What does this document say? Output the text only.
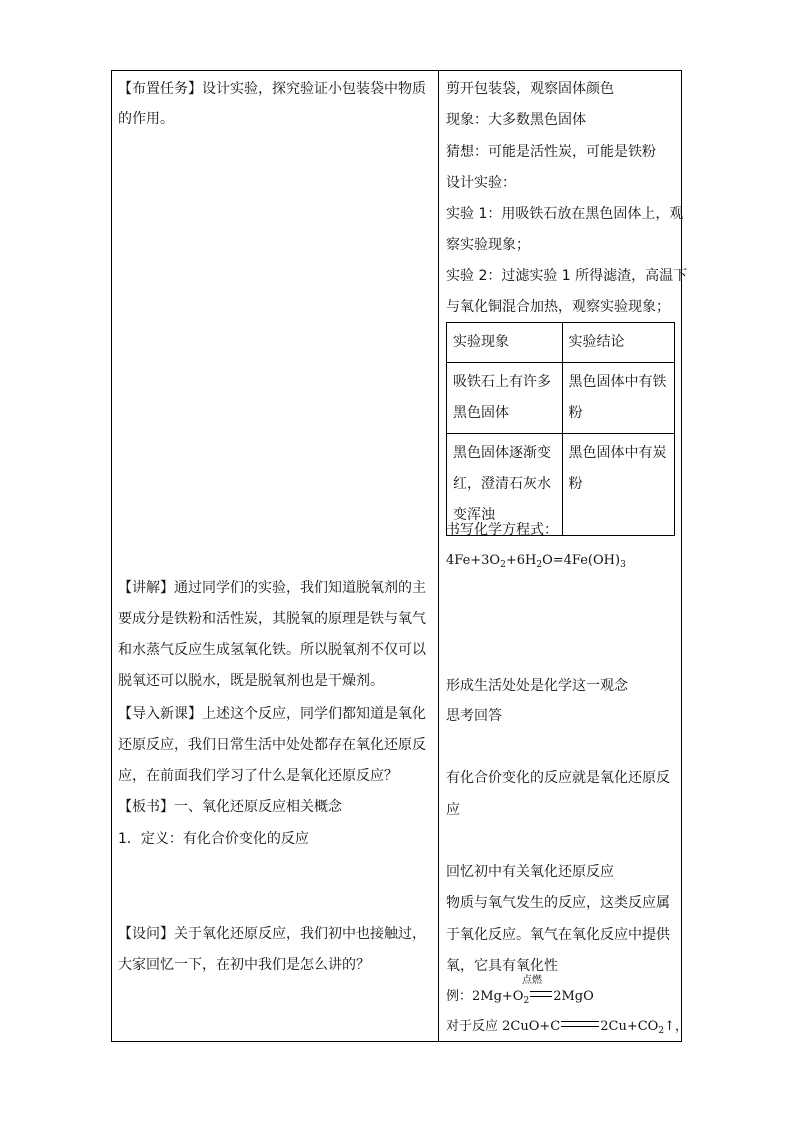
【布置任务】设计实验，探究验证小包装袋中物质
的作用。
【讲解】通过同学们的实验，我们知道脱氧剂的主
要成分是铁粉和活性炭，其脱氧的原理是铁与氧气
和水蒸气反应生成氢氧化铁。所以脱氧剂不仅可以
脱氧还可以脱水，既是脱氧剂也是干燥剂。
【导入新课】上述这个反应，同学们都知道是氧化
还原反应，我们日常生活中处处都存在氧化还原反
应，在前面我们学习了什么是氧化还原反应？
【板书】一、氧化还原反应相关概念
1．定义：有化合价变化的反应
【设问】关于氧化还原反应，我们初中也接触过，
大家回忆一下，在初中我们是怎么讲的？
剪开包装袋，观察固体颜色
现象：大多数黑色固体
猜想：可能是活性炭，可能是铁粉
设计实验：
实验 1：用吸铁石放在黑色固体上，观
察实验现象；
实验 2：过滤实验 1 所得滤渣，高温下
与氧化铜混合加热，观察实验现象；
实验现象	实验结论
吸铁石上有许多黑色固体	黑色固体中有铁粉
黑色固体逐渐变红，澄清石灰水变浑浊	黑色固体中有炭粉
书写化学方程式：
$4Fe+3O_2+6H_2O=4Fe(OH)_3$
形成生活处处是化学这一观念
思考回答
有化合价变化的反应就是氧化还原反
应
回忆初中有关氧化还原反应
物质与氧气发生的反应，这类反应属
于氧化反应。氧气在氧化反应中提供
氧，它具有氧化性
点燃
例：$2Mg+O_2$ 2MgO
对于反应 2CuO+C	$2Cu+CO_2↑$，
